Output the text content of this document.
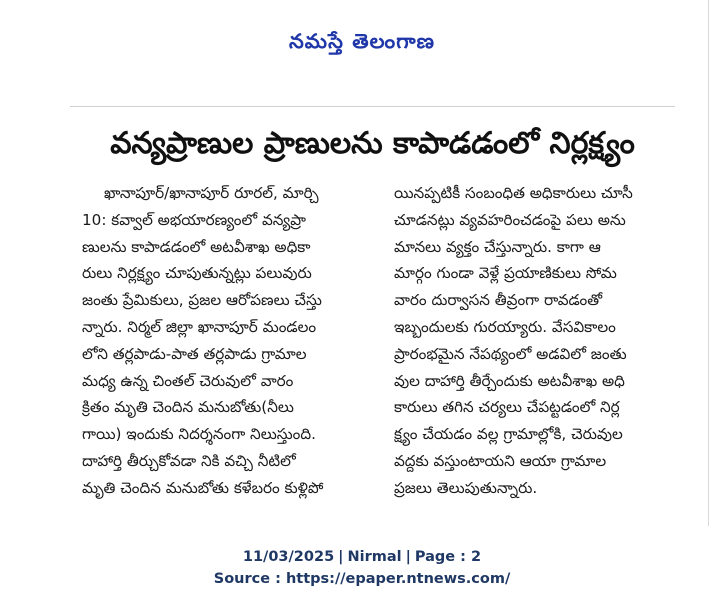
నమస్తే తెలంగాణ
వన్యప్రాణుల ప్రాణులను కాపాడడంలో నిర్లక్ష్యం
ఖానాపూర్/ఖానాపూర్ రూరల్, మార్చి
10: కవ్వాల్ అభయారణ్యంలో వన్యప్రా
ణులను కాపాడడంలో అటవీశాఖ అధికా
రులు నిర్లక్ష్యం చూపుతున్నట్లు పలువురు
జంతు ప్రేమికులు, ప్రజల ఆరోపణలు చేస్తు
న్నారు. నిర్మల్ జిల్లా ఖానాపూర్ మండలం
లోని తర్లపాడు-పాత తర్లపాడు గ్రామాల
మధ్య ఉన్న చింతల్ చెరువులో వారం
క్రితం మృతి చెందిన మనుబోతు(నీలు
గాయి) ఇందుకు నిదర్శనంగా నిలుస్తుంది.
దాహార్తి తీర్చుకోవడా నికి వచ్చి నీటిలో
మృతి చెందిన మనుబోతు కళేబరం కుళ్లిపో
యినప్పటికీ సంబంధిత అధికారులు చూసీ
చూడనట్లు వ్యవహరించడంపై పలు అను
మానలు వ్యక్తం చేస్తున్నారు. కాగా ఆ
మార్గం గుండా వెళ్లే ప్రయాణికులు సోమ
వారం దుర్వాసన తీవ్రంగా రావడంతో
ఇబ్బందులకు గురయ్యారు. వేసవికాలం
ప్రారంభమైన నేపథ్యంలో అడవిలో జంతు
వుల దాహార్తి తీర్చేందుకు అటవీశాఖ అధి
కారులు తగిన చర్యలు చేపట్టడంలో నిర్ల
క్ష్యం చేయడం వల్ల గ్రామాల్లోకి, చెరువుల
వద్దకు వస్తుంటాయని ఆయా గ్రామాల
ప్రజలు తెలుపుతున్నారు.
11/03/2025 | Nirmal | Page : 2
Source : https://epaper.ntnews.com/
